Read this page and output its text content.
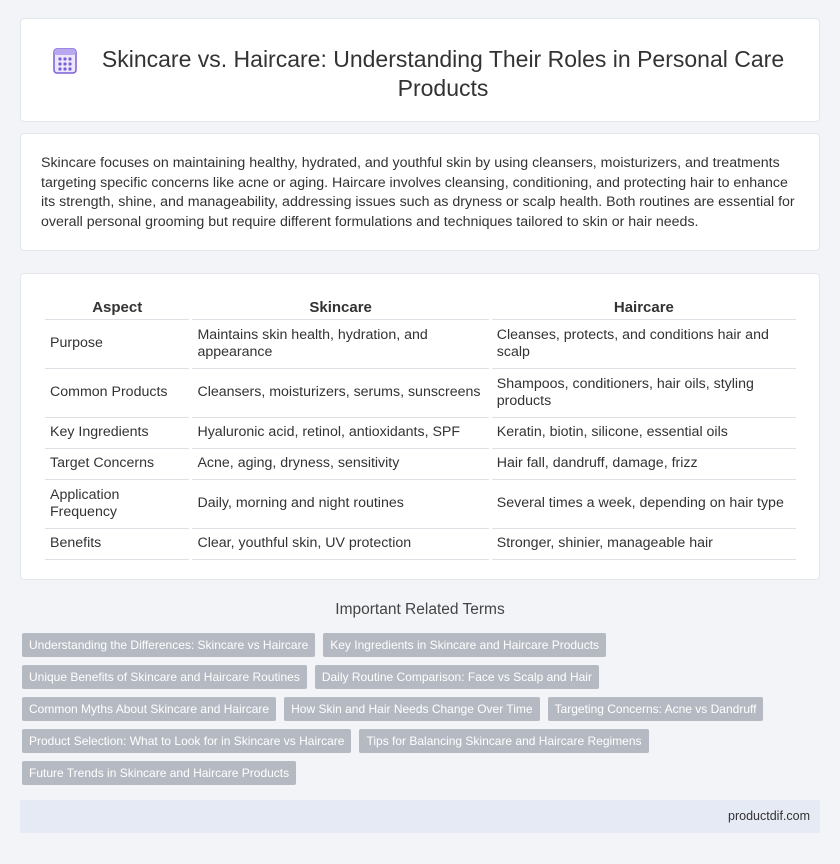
Skincare vs. Haircare: Understanding Their Roles in Personal Care Products

Skincare focuses on maintaining healthy, hydrated, and youthful skin by using cleansers, moisturizers, and treatments targeting specific concerns like acne or aging. Haircare involves cleansing, conditioning, and protecting hair to enhance its strength, shine, and manageability, addressing issues such as dryness or scalp health. Both routines are essential for overall personal grooming but require different formulations and techniques tailored to skin or hair needs.

Aspect	Skincare	Haircare
Purpose	Maintains skin health, hydration, and appearance	Cleanses, protects, and conditions hair and scalp
Common Products	Cleansers, moisturizers, serums, sunscreens	Shampoos, conditioners, hair oils, styling products
Key Ingredients	Hyaluronic acid, retinol, antioxidants, SPF	Keratin, biotin, silicone, essential oils
Target Concerns	Acne, aging, dryness, sensitivity	Hair fall, dandruff, damage, frizz
Application Frequency	Daily, morning and night routines	Several times a week, depending on hair type
Benefits	Clear, youthful skin, UV protection	Stronger, shinier, manageable hair
Important Related Terms
Understanding the Differences: Skincare vs Haircare	Key Ingredients in Skincare and Haircare Products
Unique Benefits of Skincare and Haircare Routines	Daily Routine Comparison: Face vs Scalp and Hair
Common Myths About Skincare and Haircare	How Skin and Hair Needs Change Over Time	Targeting Concerns: Acne vs Dandruff
Product Selection: What to Look for in Skincare vs Haircare	Tips for Balancing Skincare and Haircare Regimens
Future Trends in Skincare and Haircare Products
productdif.com
